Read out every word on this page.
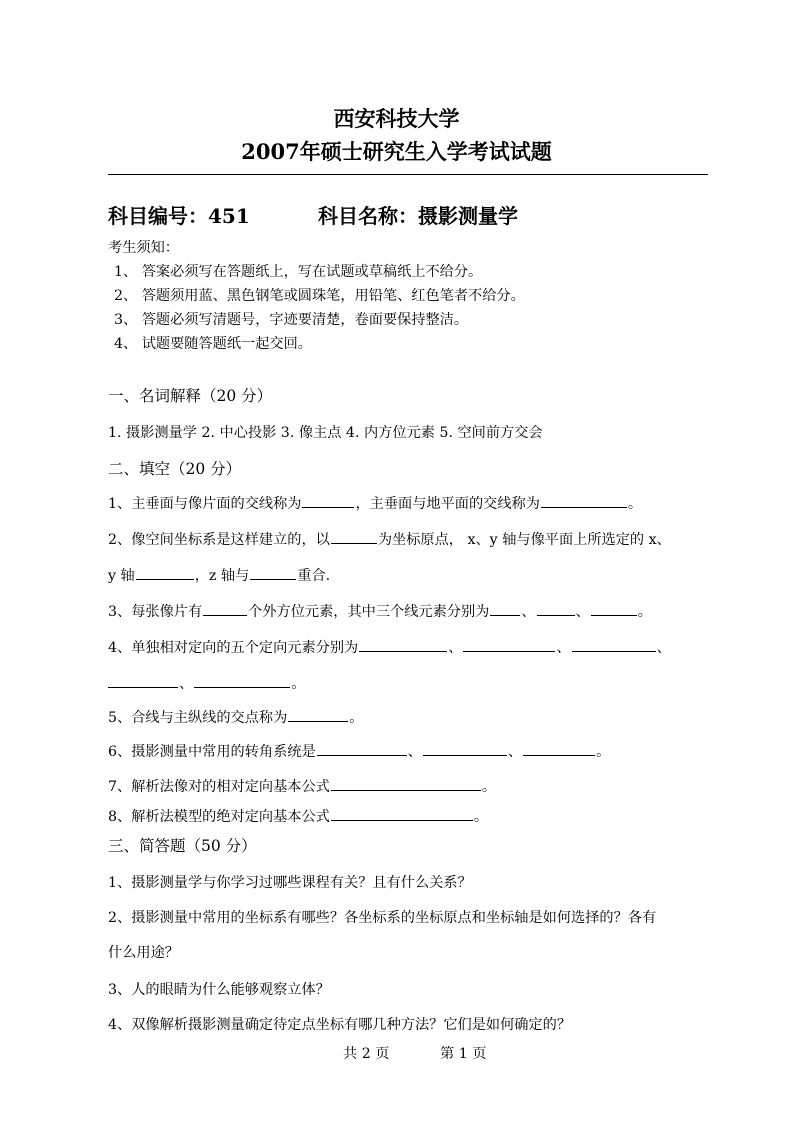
西安科技大学
2007年硕士研究生入学考试试题
科目编号：451	科目名称：摄影测量学
考生须知：
1、 答案必须写在答题纸上，写在试题或草稿纸上不给分。
2、 答题须用蓝、黑色钢笔或圆珠笔，用铅笔、红色笔者不给分。
3、 答题必须写清题号，字迹要清楚，卷面要保持整洁。
4、 试题要随答题纸一起交回。
一、名词解释（20 分）
1. 摄影测量学 2. 中心投影 3. 像主点 4. 内方位元素 5. 空间前方交会
二、填空（20 分）
1、主垂面与像片面的交线称为	，主垂面与地平面的交线称为	。
2、像空间坐标系是这样建立的，以	为坐标原点， x、y 轴与像平面上所选定的 x、
y 轴	，z 轴与	重合.
3、每张像片有	个外方位元素，其中三个线元素分别为 、	、	。
4、单独相对定向的五个定向元素分别为	、	、	、
、	。
5、合线与主纵线的交点称为	。
6、摄影测量中常用的转角系统是	、	、	。
7、解析法像对的相对定向基本公式	。
8、解析法模型的绝对定向基本公式	。
三、简答题（50 分）
1、摄影测量学与你学习过哪些课程有关？且有什么关系？
2、摄影测量中常用的坐标系有哪些？各坐标系的坐标原点和坐标轴是如何选择的？各有
什么用途？
3、人的眼睛为什么能够观察立体？
4、双像解析摄影测量确定待定点坐标有哪几种方法？它们是如何确定的？
共 2 页	第 1 页
